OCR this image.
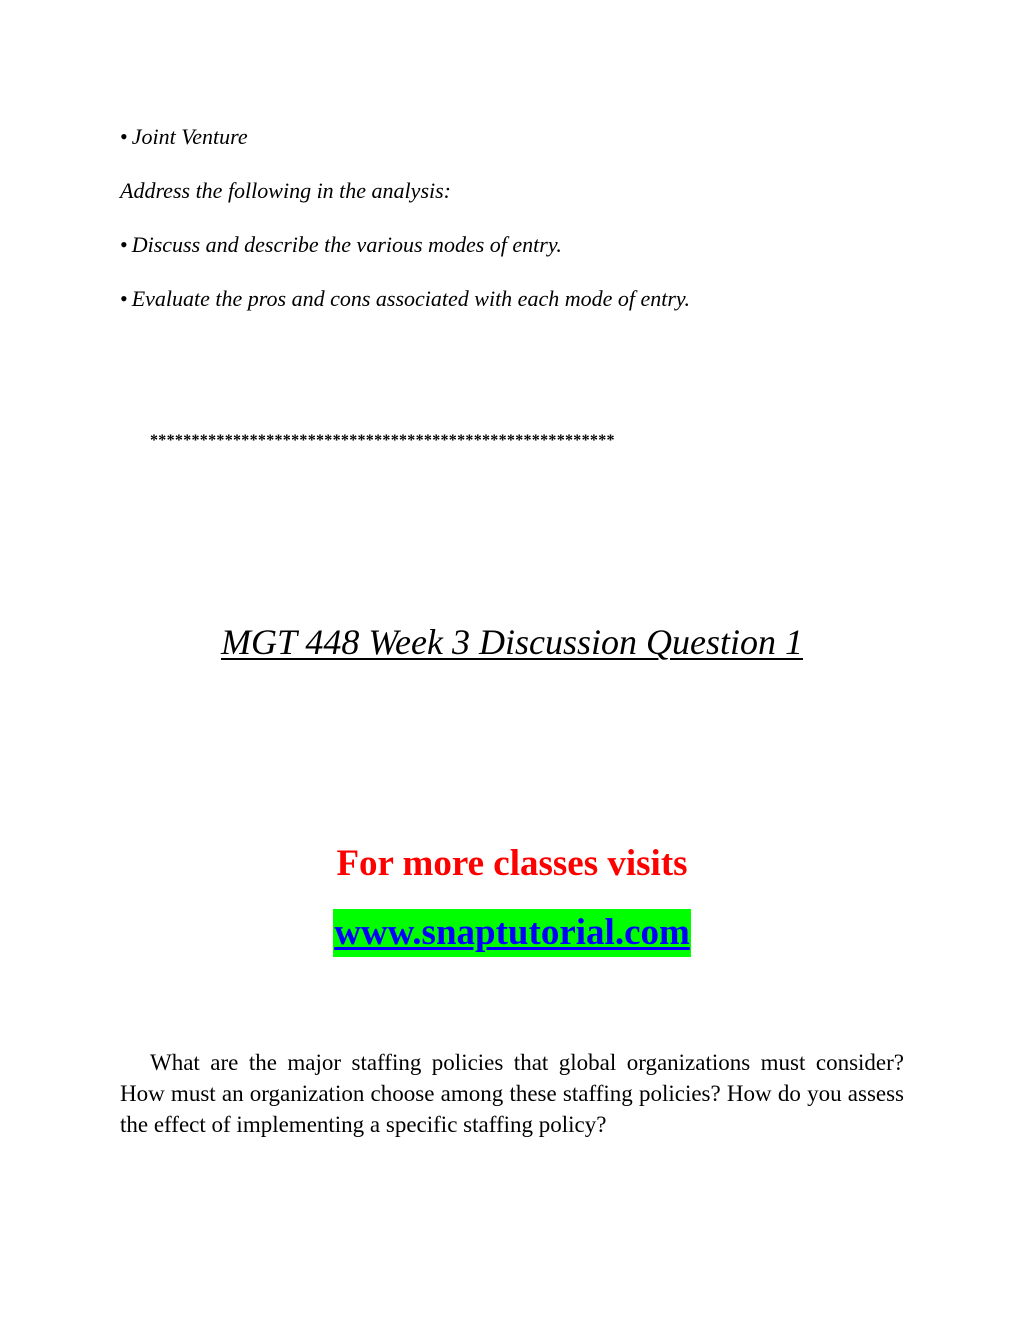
• Joint Venture
Address the following in the analysis:
• Discuss and describe the various modes of entry.
• Evaluate the pros and cons associated with each mode of entry.
********************************************************
MGT 448 Week 3 Discussion Question 1
For more classes visits
www.snaptutorial.com
What are the major staffing policies that global organizations must consider? How must an organization choose among these staffing policies? How do you assess the effect of implementing a specific staffing policy?
